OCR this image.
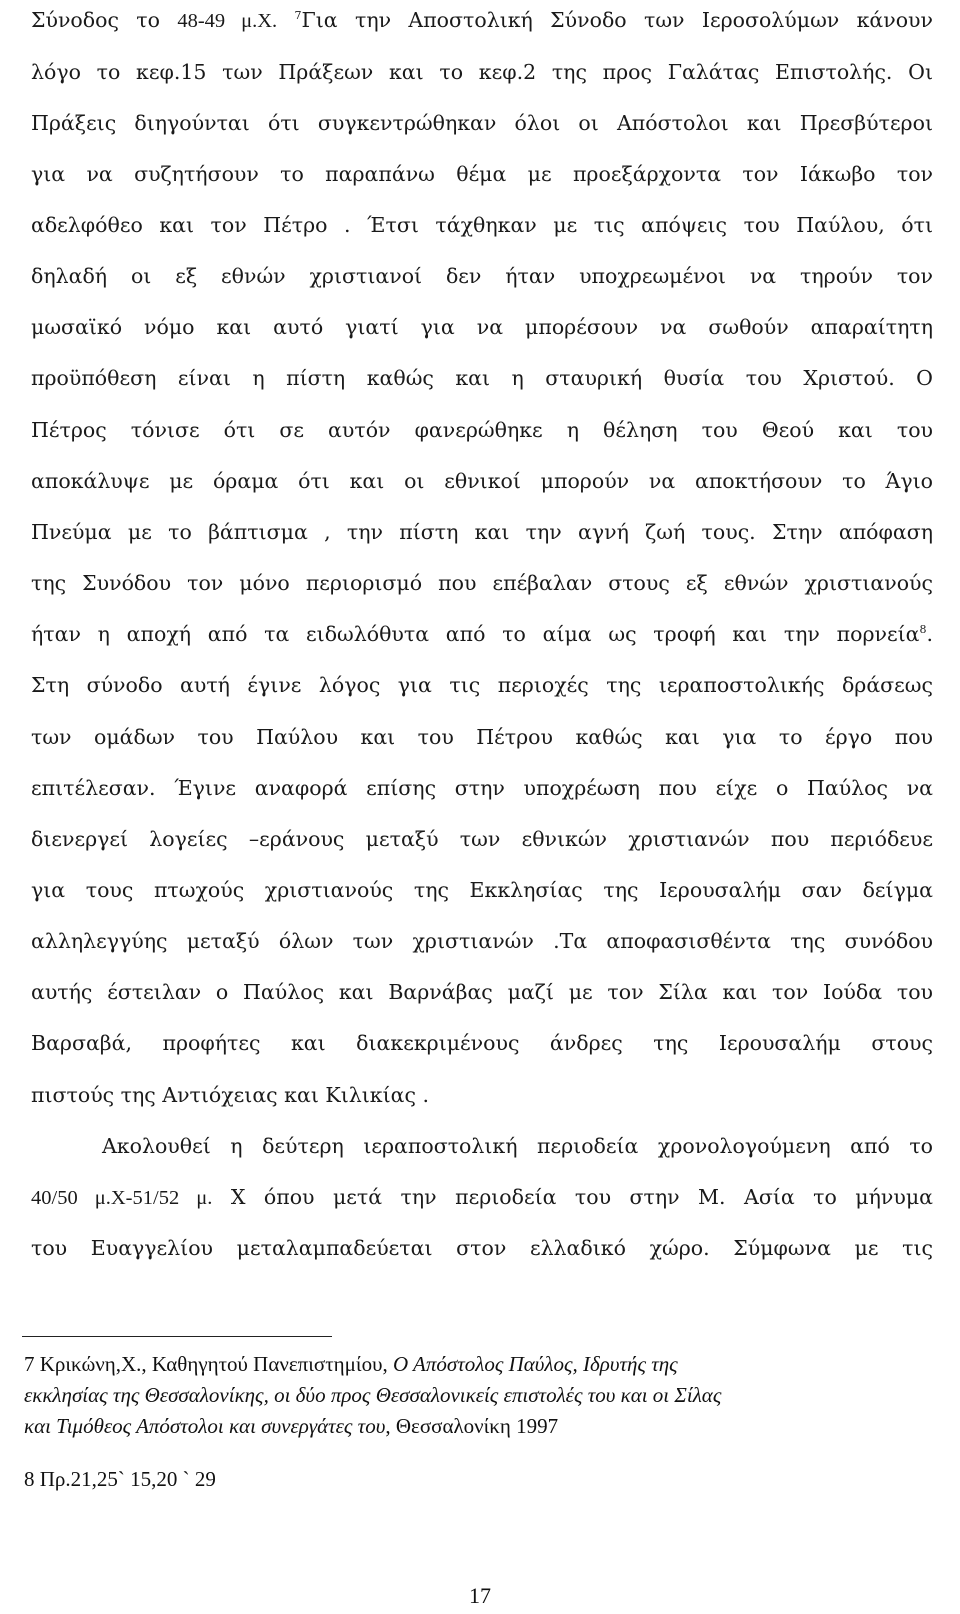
Σύνοδος το 48-49 μ.Χ. $^7$Για την Αποστολική Σύνοδο των Ιεροσολύμων κάνουν
λόγο το κεφ.15 των Πράξεων και το κεφ.2 της προς Γαλάτας Επιστολής. Οι
Πράξεις διηγούνται ότι συγκεντρώθηκαν όλοι οι Απόστολοι και Πρεσβύτεροι
για να συζητήσουν το παραπάνω θέμα με προεξάρχοντα τον Ιάκωβο τον
αδελφόθεο και τον Πέτρο . Έτσι τάχθηκαν με τις απόψεις του Παύλου, ότι
δηλαδή οι εξ εθνών χριστιανοί δεν ήταν υποχρεωμένοι να τηρούν τον
μωσαϊκό νόμο και αυτό γιατί για να μπορέσουν να σωθούν απαραίτητη
προϋπόθεση είναι η πίστη καθώς και η σταυρική θυσία του Χριστού. Ο
Πέτρος τόνισε ότι σε αυτόν φανερώθηκε η θέληση του Θεού και του
αποκάλυψε με όραμα ότι και οι εθνικοί μπορούν να αποκτήσουν το Άγιο
Πνεύμα με το βάπτισμα , την πίστη και την αγνή ζωή τους. Στην απόφαση
της Συνόδου τον μόνο περιορισμό που επέβαλαν στους εξ εθνών χριστιανούς
ήταν η αποχή από τα ειδωλόθυτα από το αίμα ως τροφή και την πορνεία$^8$.
Στη σύνοδο αυτή έγινε λόγος για τις περιοχές της ιεραποστολικής δράσεως
των ομάδων του Παύλου και του Πέτρου καθώς και για το έργο που
επιτέλεσαν. Έγινε αναφορά επίσης στην υποχρέωση που είχε ο Παύλος να
διενεργεί λογείες –εράνους μεταξύ των εθνικών χριστιανών που περιόδευε
για τους πτωχούς χριστιανούς της Εκκλησίας της Ιερουσαλήμ σαν δείγμα
αλληλεγγύης μεταξύ όλων των χριστιανών .Τα αποφασισθέντα της συνόδου
αυτής έστειλαν ο Παύλος και Βαρνάβας μαζί με τον Σίλα και τον Ιούδα του
Βαρσαβά, προφήτες και διακεκριμένους άνδρες της Ιερουσαλήμ στους
πιστούς της Αντιόχειας και Κιλικίας .
Ακολουθεί η δεύτερη ιεραποστολική περιοδεία χρονολογούμενη από το
40/50 μ.Χ-51/52 μ. Χ όπου μετά την περιοδεία του στην Μ. Ασία το μήνυμα
του Ευαγγελίου μεταλαμπαδεύεται στον ελλαδικό χώρο. Σύμφωνα με τις
7 Κρικώνη,Χ., Καθηγητού Πανεπιστημίου, Ο Απόστολος Παύλος, Ιδρυτής της
εκκλησίας της Θεσσαλονίκης, οι δύο προς Θεσσαλονικείς επιστολές του και οι Σίλας
και Τιμόθεος Απόστολοι και συνεργάτες του, Θεσσαλονίκη 1997
8 Πρ.21,25` 15,20 ` 29
17
